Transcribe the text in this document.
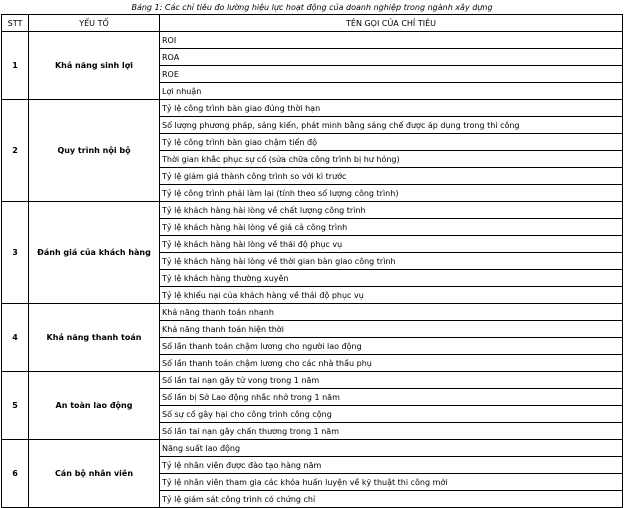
Bảng 1: Các chỉ tiêu đo lường hiệu lực hoạt động của doanh nghiệp trong ngành xây dựng
STT	YẾU TỐ	TÊN GỌI CỦA CHỈ TIÊU
1	Khả năng sinh lợi	ROI
		ROA
		ROE
		Lợi nhuận
2	Quy trình nội bộ	Tỷ lệ công trình bàn giao đúng thời hạn
		Số lượng phương pháp, sáng kiến, phát minh bằng sáng chế được áp dụng trong thi công
		Tỷ lệ công trình bàn giao chậm tiến độ
		Thời gian khắc phục sự cố (sửa chữa công trình bị hư hỏng)
		Tỷ lệ giảm giá thành công trình so với kì trước
		Tỷ lệ công trình phải làm lại (tính theo số lượng công trình)
3	Đánh giá của khách hàng	Tỷ lệ khách hàng hài lòng về chất lượng công trình
		Tỷ lệ khách hàng hài lòng về giá cả công trình
		Tỷ lệ khách hàng hài lòng về thái độ phục vụ
		Tỷ lệ khách hàng hài lòng về thời gian bàn giao công trình
		Tỷ lệ khách hàng thường xuyên
		Tỷ lệ khiếu nại của khách hàng về thái độ phục vụ
4	Khả năng thanh toán	Khả năng thanh toán nhanh
		Khả năng thanh toán hiện thời
		Số lần thanh toán chậm lương cho người lao động
		Số lần thanh toán chậm lương cho các nhà thầu phụ
5	An toàn lao động	Số lần tai nạn gây tử vong trong 1 năm
		Số lần bị Sở Lao động nhắc nhở trong 1 năm
		Số sự cố gây hại cho công trình công cộng
		Số lần tai nạn gây chấn thương trong 1 năm
6	Cán bộ nhân viên	Năng suất lao động
		Tỷ lệ nhân viên được đào tạo hàng năm
		Tỷ lệ nhân viên tham gia các khóa huấn luyện về kỹ thuật thi công mới
		Tỷ lệ giám sát công trình có chứng chỉ
